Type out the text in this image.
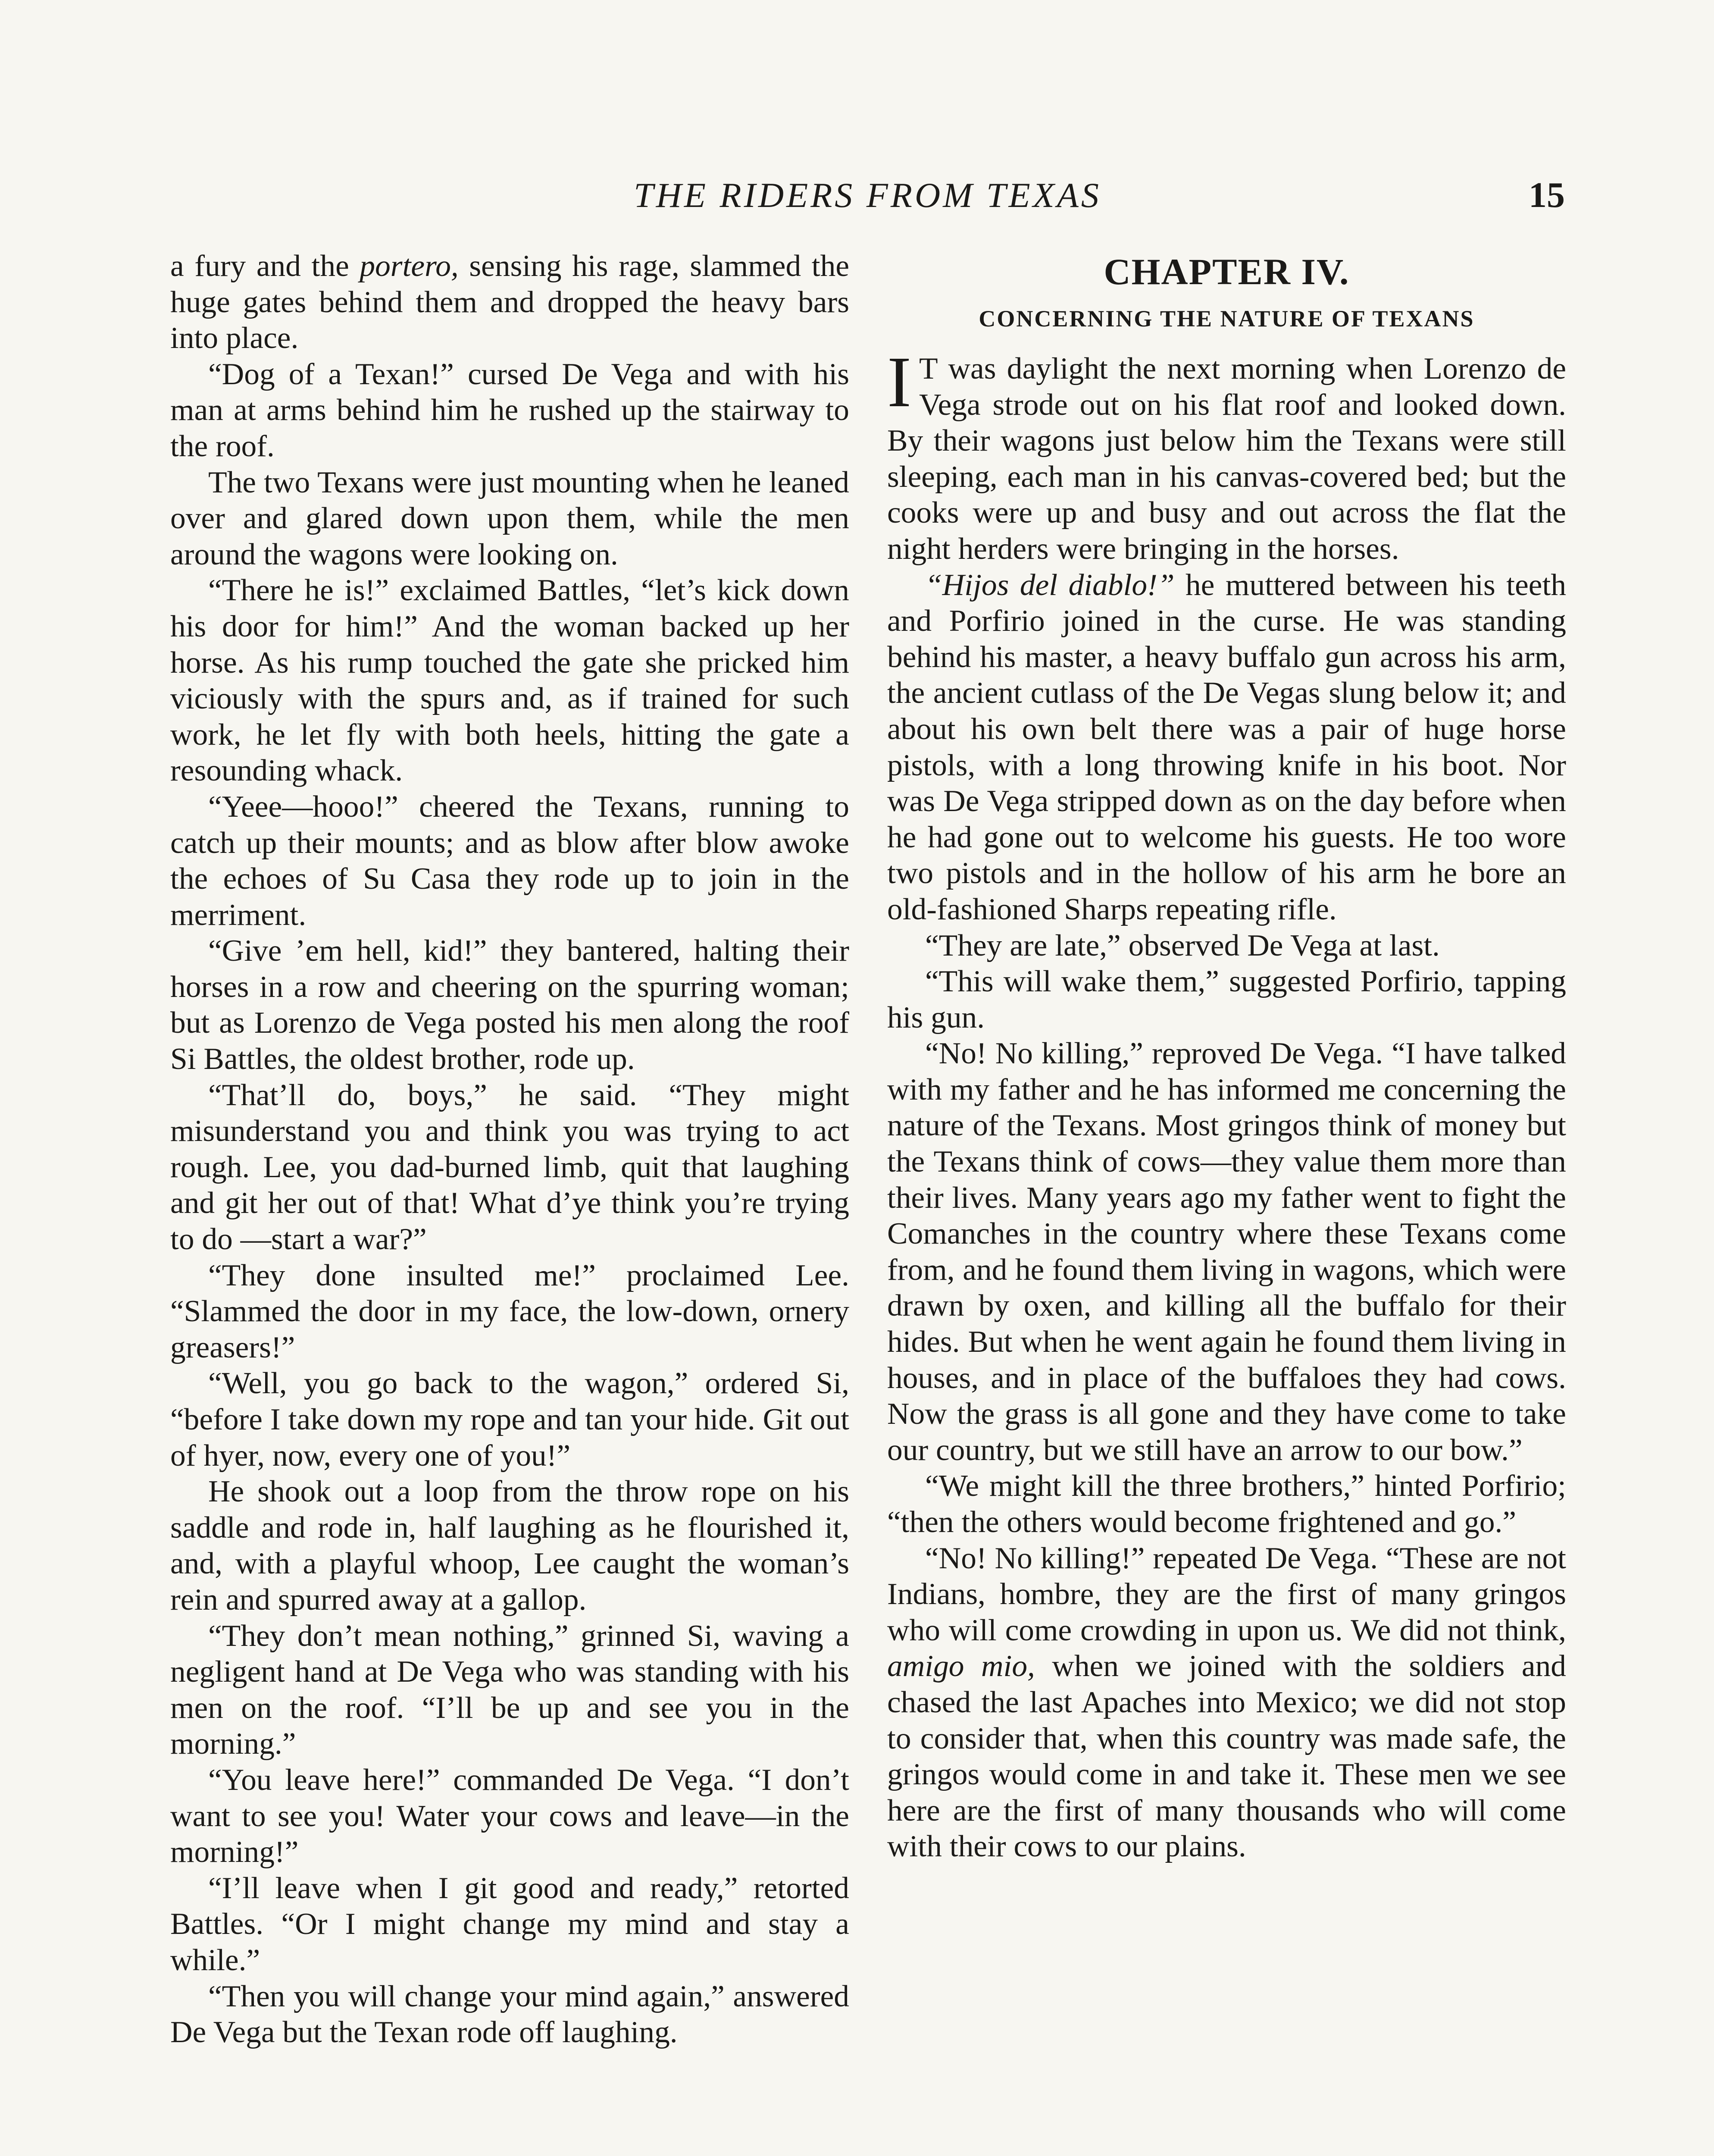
THE RIDERS FROM TEXAS	15

a fury and the portero, sensing his rage, slammed the huge gates behind them and dropped the heavy bars into place.

“Dog of a Texan!” cursed De Vega and with his man at arms behind him he rushed up the stairway to the roof.

The two Texans were just mounting when he leaned over and glared down upon them, while the men around the wagons were looking on.

“There he is!” exclaimed Battles, “let’s kick down his door for him!” And the woman backed up her horse. As his rump touched the gate she pricked him viciously with the spurs and, as if trained for such work, he let fly with both heels, hitting the gate a resounding whack.

“Yeee—hooo!” cheered the Texans, running to catch up their mounts; and as blow after blow awoke the echoes of Su Casa they rode up to join in the merriment.

“Give ’em hell, kid!” they bantered, halting their horses in a row and cheering on the spurring woman; but as Lorenzo de Vega posted his men along the roof Si Battles, the oldest brother, rode up.

“That’ll do, boys,” he said. “They might misunderstand you and think you was trying to act rough. Lee, you dad-burned limb, quit that laughing and git her out of that! What d’ye think you’re trying to do —start a war?”

“They done insulted me!” proclaimed Lee. “Slammed the door in my face, the low-down, ornery greasers!”

“Well, you go back to the wagon,” ordered Si, “before I take down my rope and tan your hide. Git out of hyer, now, every one of you!”

He shook out a loop from the throw rope on his saddle and rode in, half laughing as he flourished it, and, with a playful whoop, Lee caught the woman’s rein and spurred away at a gallop.

“They don’t mean nothing,” grinned Si, waving a negligent hand at De Vega who was standing with his men on the roof. “I’ll be up and see you in the morning.”

“You leave here!” commanded De Vega. “I don’t want to see you! Water your cows and leave—in the morning!”

“I’ll leave when I git good and ready,” retorted Battles. “Or I might change my mind and stay a while.”

“Then you will change your mind again,” answered De Vega but the Texan rode off laughing.

CHAPTER IV.
CONCERNING THE NATURE OF TEXANS

I T was daylight the next morning when Lorenzo de Vega strode out on his flat roof and looked down. By their wagons just below him the Texans were still sleeping, each man in his canvas-covered bed; but the cooks were up and busy and out across the flat the night herders were bringing in the horses.

“Hijos del diablo!” he muttered between his teeth and Porfirio joined in the curse. He was standing behind his master, a heavy buffalo gun across his arm, the ancient cutlass of the De Vegas slung below it; and about his own belt there was a pair of huge horse pistols, with a long throwing knife in his boot. Nor was De Vega stripped down as on the day before when he had gone out to welcome his guests. He too wore two pistols and in the hollow of his arm he bore an old-fashioned Sharps repeating rifle.

“They are late,” observed De Vega at last.

“This will wake them,” suggested Porfirio, tapping his gun.

“No! No killing,” reproved De Vega. “I have talked with my father and he has informed me concerning the nature of the Texans. Most gringos think of money but the Texans think of cows—they value them more than their lives. Many years ago my father went to fight the Comanches in the country where these Texans come from, and he found them living in wagons, which were drawn by oxen, and killing all the buffalo for their hides. But when he went again he found them living in houses, and in place of the buffaloes they had cows. Now the grass is all gone and they have come to take our country, but we still have an arrow to our bow.”

“We might kill the three brothers,” hinted Porfirio; “then the others would become frightened and go.”

“No! No killing!” repeated De Vega. “These are not Indians, hombre, they are the first of many gringos who will come crowding in upon us. We did not think, amigo mio, when we joined with the soldiers and chased the last Apaches into Mexico; we did not stop to consider that, when this country was made safe, the gringos would come in and take it. These men we see here are the first of many thousands who will come with their cows to our plains.
